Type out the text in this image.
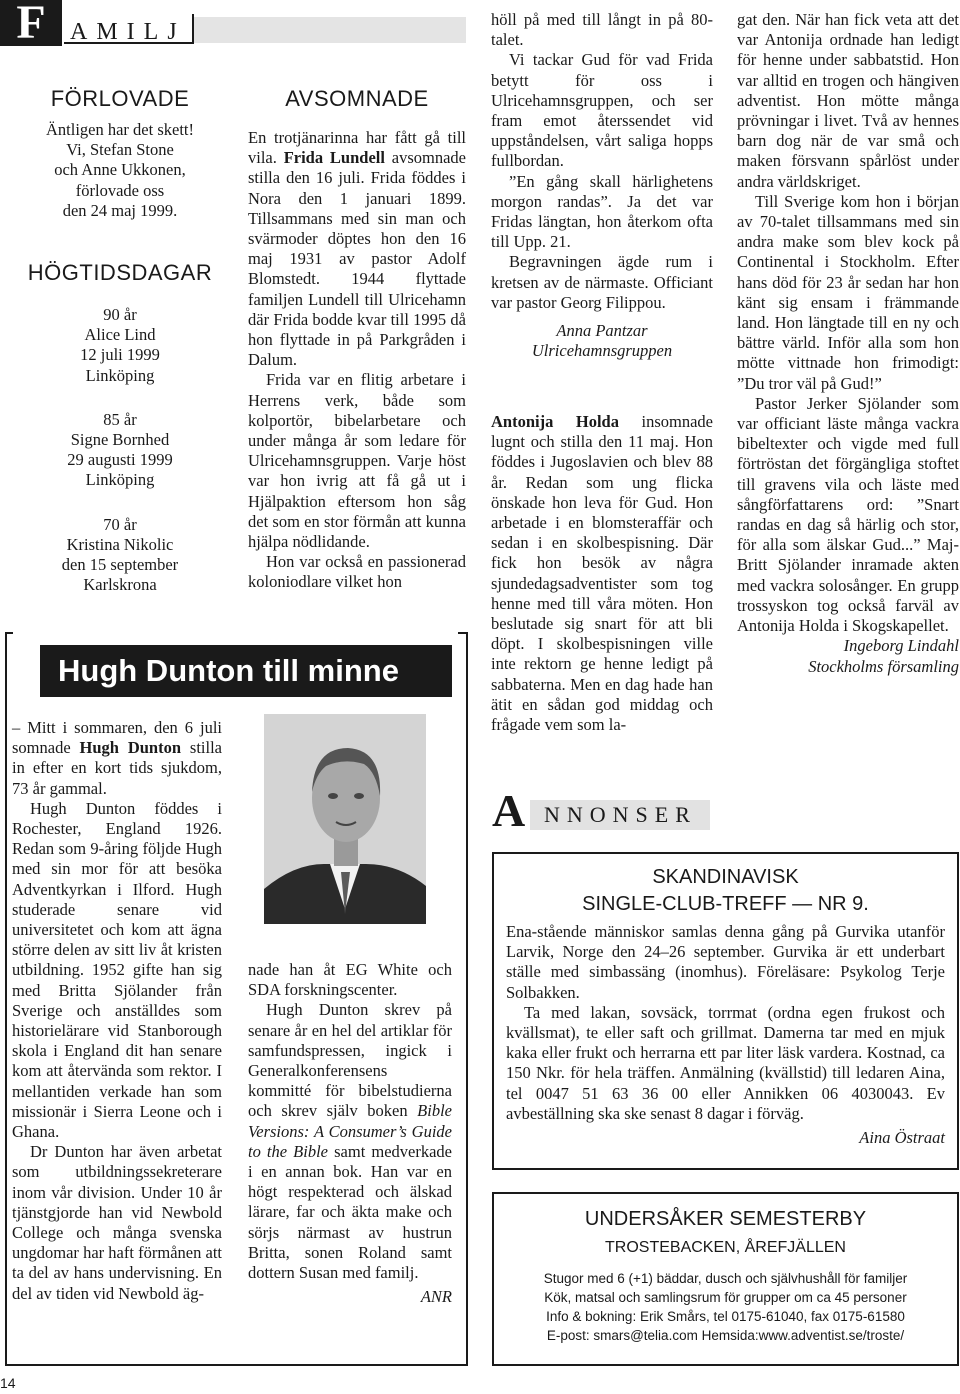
F	AMILJ
FÖRLOVADE
Äntligen har det skett!
Vi, Stefan Stone
och Anne Ukkonen,
förlovade oss
den 24 maj 1999.
HÖGTIDSDAGAR
90 år
Alice Lind
12 juli 1999
Linköping
85 år
Signe Bornhed
29 augusti 1999
Linköping
70 år
Kristina Nikolic
den 15 september
Karlskrona
AVSOMNADE

En trotjänarinna har fått gå till vila. Frida Lundell avsomnade stilla den 16 juli. Frida föddes i Nora den 1 januari 1899. Tillsammans med sin man och svärmoder döptes hon den 16 maj 1931 av pastor Adolf Blomstedt. 1944 flyttade familjen Lundell till Ulricehamn där Frida bodde kvar till 1995 då hon flyttade in på Parkgråden i Dalum.

Frida var en flitig arbetare i Herrens verk, både som kolportör, bibelarbetare och under många år som ledare för Ulricehamnsgruppen. Varje höst var hon ivrig att få gå ut i Hjälpaktion eftersom hon såg det som en stor förmån att kunna hjälpa nödlidande.

Hon var också en passionerad koloniodlare vilket hon

höll på med till långt in på 80-talet.

Vi tackar Gud för vad Frida betytt för oss i Ulricehamnsgruppen, och ser fram emot återssendet vid uppståndelsen, vårt saliga hopps fullbordan.

”En gång skall härlighetens morgon randas”. Ja det var Fridas längtan, hon återkom ofta till Upp. 21.

Begravningen ägde rum i kretsen av de närmaste. Officiant var pastor Georg Filippou.

Anna Pantzar

Ulricehamnsgruppen

Antonija Holda insomnade lugnt och stilla den 11 maj. Hon föddes i Jugoslavien och blev 88 år. Redan som ung flicka önskade hon leva för Gud. Hon arbetade i en blomsteraffär och sedan i en skolbespisning. Där fick hon besök av några sjundedagsadventister som tog henne med till våra möten. Hon beslutade sig snart för att bli döpt. I skolbespisningen ville inte rektorn ge henne ledigt på sabbaterna. Men en dag hade han ätit en sådan god middag och frågade vem som la-

gat den. När han fick veta att det var Antonija ordnade han ledigt för henne under sabbatstid. Hon var alltid en trogen och hängiven adventist. Hon mötte många prövningar i livet. Två av hennes barn dog när de var små och maken försvann spårlöst under andra världskriget.

Till Sverige kom hon i början av 70-talet tillsammans med sin andra make som blev kock på Continental i Stockholm. Efter hans död för 23 år sedan har hon känt sig ensam i främmande land. Hon längtade till en ny och bättre värld. Inför alla som hon mötte vittnade hon frimodigt: ”Du tror väl på Gud!”

Pastor Jerker Sjölander som var officiant läste många vackra bibeltexter och vigde med full förtröstan det förgängliga stoftet till gravens vila och läste med sångförfattarens ord: ”Snart randas en dag så härlig och stor, för alla som älskar Gud...” Maj-Britt Sjölander inramade akten med vackra solosånger. En grupp trossyskon tog också farväl av Antonija Holda i Skogskapellet.

Ingeborg Lindahl

Stockholms församling

Hugh Dunton till minne

– Mitt i sommaren, den 6 juli somnade Hugh Dunton stilla in efter en kort tids sjukdom, 73 år gammal.

Hugh Dunton föddes i Rochester, England 1926. Redan som 9-åring följde Hugh med sin mor för att besöka Adventkyrkan i Ilford. Hugh studerade senare vid universitetet och kom att ägna större delen av sitt liv åt kristen utbildning. 1952 gifte han sig med Britta Sjölander från Sverige och anställdes som historielärare vid Stanborough skola i England dit han senare kom att återvända som rektor. I mellantiden verkade han som missionär i Sierra Leone och i Ghana.

Dr Dunton har även arbetat som utbildningssekreterare inom vår division. Under 10 år tjänstgjorde han vid Newbold College och många svenska ungdomar har haft förmånen att ta del av hans undervisning. En del av tiden vid Newbold äg-

nade han åt EG White och SDA forskningscenter.

Hugh Dunton skrev på senare år en hel del artiklar för samfundspressen, ingick i Generalkonferensens kommitté för bibelstudierna och skrev själv boken Bible Versions: A Consumer’s Guide to the Bible samt medverkade i en annan bok. Han var en högt respekterad och älskad lärare, far och äkta make och sörjs närmast av hustrun Britta, sonen Roland samt dottern Susan med familj.

ANR

NNONSER
A
SKANDINAVISK
SINGLE-CLUB-TREFF — NR 9.

Ena-stående människor samlas denna gång på Gurvika utanför Larvik, Norge den 24–26 september. Gurvika är ett underbart ställe med simbassäng (inomhus). Föreläsare: Psykolog Terje Solbakken.

Ta med lakan, sovsäck, torrmat (ordna egen frukost och kvällsmat), te eller saft och grillmat. Damerna tar med en mjuk kaka eller frukt och herrarna ett par liter läsk vardera. Kostnad, ca 150 Nkr. för hela träffen. Anmälning (kvällstid) till ledaren Aina, tel 0047 51 63 36 00 eller Annikken 06 4030043. Ev avbeställning ska ske senast 8 dagar i förväg.

Aina Östraat

UNDERSÅKER SEMESTERBY
TROSTEBACKEN, ÅREFJÄLLEN
Stugor med 6 (+1) bäddar, dusch och självhushåll för familjer
Kök, matsal och samlingsrum för grupper om ca 45 personer
Info & bokning: Erik Smårs, tel 0175-61040, fax 0175-61580
E-post: smars@telia.com Hemsida:www.adventist.se/troste/
14
